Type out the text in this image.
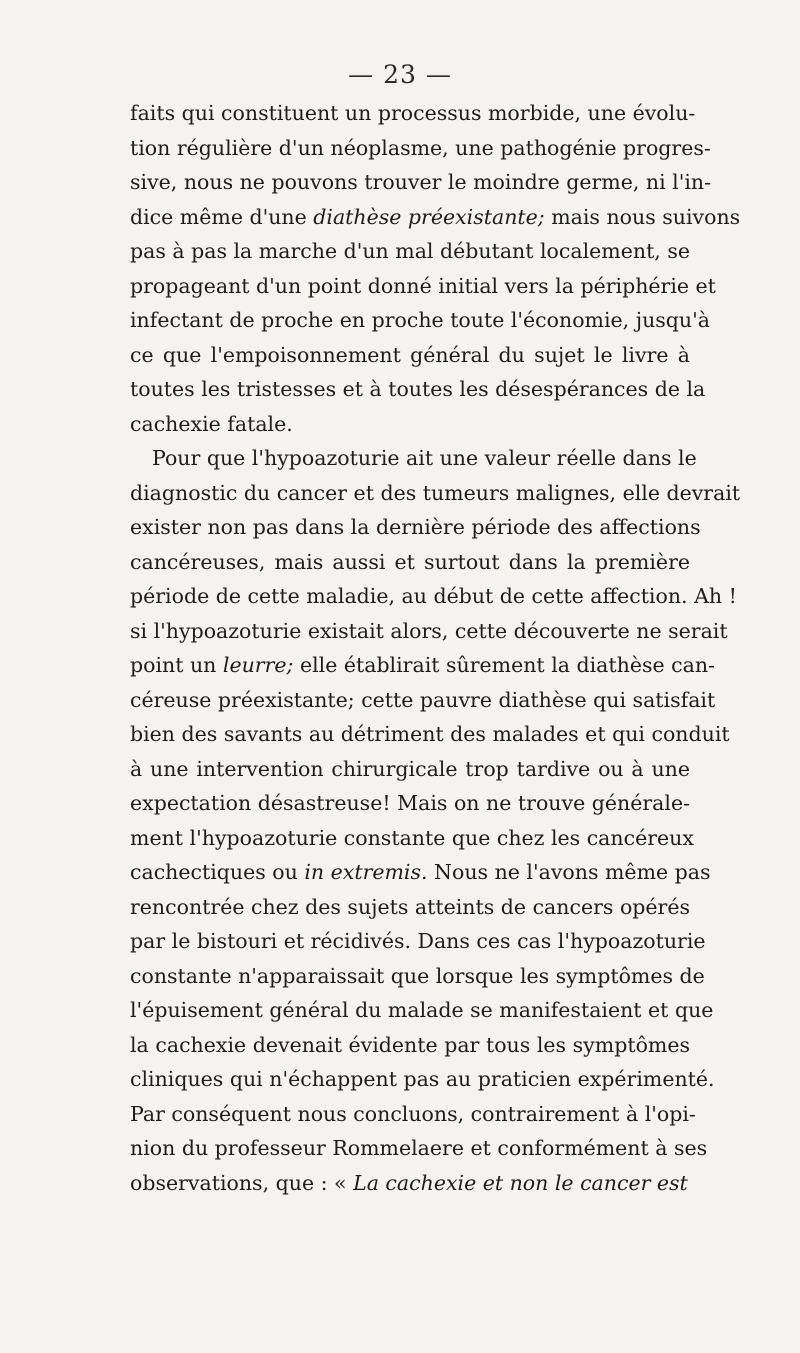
— 23 —
faits qui constituent un processus morbide, une évolu-
tion régulière d'un néoplasme, une pathogénie progres-
sive, nous ne pouvons trouver le moindre germe, ni l'in-
dice même d'une diathèse préexistante; mais nous suivons
pas à pas la marche d'un mal débutant localement, se
propageant d'un point donné initial vers la périphérie et
infectant de proche en proche toute l'économie, jusqu'à
ce que l'empoisonnement général du sujet le livre à
toutes les tristesses et à toutes les désespérances de la
cachexie fatale.
Pour que l'hypoazoturie ait une valeur réelle dans le
diagnostic du cancer et des tumeurs malignes, elle devrait
exister non pas dans la dernière période des affections
cancéreuses, mais aussi et surtout dans la première
période de cette maladie, au début de cette affection. Ah !
si l'hypoazoturie existait alors, cette découverte ne serait
point un leurre; elle établirait sûrement la diathèse can-
céreuse préexistante; cette pauvre diathèse qui satisfait
bien des savants au détriment des malades et qui conduit
à une intervention chirurgicale trop tardive ou à une
expectation désastreuse! Mais on ne trouve générale-
ment l'hypoazoturie constante que chez les cancéreux
cachectiques ou in extremis. Nous ne l'avons même pas
rencontrée chez des sujets atteints de cancers opérés
par le bistouri et récidivés. Dans ces cas l'hypoazoturie
constante n'apparaissait que lorsque les symptômes de
l'épuisement général du malade se manifestaient et que
la cachexie devenait évidente par tous les symptômes
cliniques qui n'échappent pas au praticien expérimenté.
Par conséquent nous concluons, contrairement à l'opi-
nion du professeur Rommelaere et conformément à ses
observations, que : « La cachexie et non le cancer est
